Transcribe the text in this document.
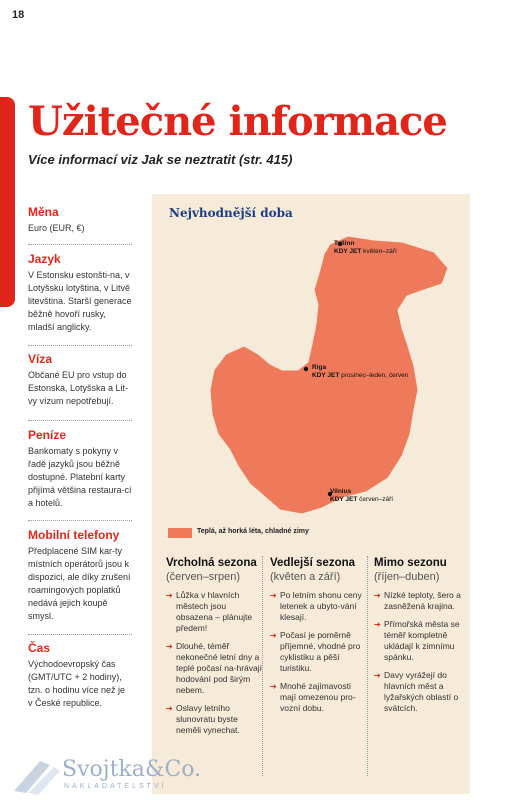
18
Užitečné informace
Více informací viz Jak se neztratit (str. 415)
Měna

Euro (EUR, €)

Jazyk

V Estonsku estonšti-na, v Lotyšsku lotyština, v Litvě litevština. Starší generace běžně hovoří rusky, mladší anglicky.

Víza

Občané EU pro vstup do Estonska, Lotyšska a Lit-vy vízum nepotřebují.

Peníze

Bankomaty s pokyny v řadě jazyků jsou běžně dostupné. Platební karty přijímá většina restaura-cí a hotelů.

Mobilní telefony

Předplacené SIM kar-ty místních operátorů jsou k dispozici, ale díky zrušení roamingových poplatků nedává jejich koupě smysl.

Čas

Východoevropský čas (GMT/UTC + 2 hodiny), tzn. o hodinu více než je v České republice.

Nejvhodnější doba
Tallinn
KDY JET květen–září
Riga
KDY JET prosinec–leden, červen
Vilnius
KDY JET červen–září
Teplá, až horká léta, chladné zimy
Vrcholná sezona
(červen–srpen)
➔ Lůžka v hlavních městech jsou obsazena – plánujte předem!
➔ Dlouhé, téměř nekonečné letní dny a teplé počasí na-hrávají hodování pod širým nebem.
➔ Oslavy letního slunovratu byste neměli vynechat.
Vedlejší sezona
(květen a září)
➔ Po letním shonu ceny letenek a ubyto-vání klesají.
➔ Počasí je poměrně příjemné, vhodné pro cyklistiku a pěší turistiku.
➔ Mnohé zajímavosti mají omezenou pro-vozní dobu.
Mimo sezonu
(říjen–duben)
➔ Nízké teploty, šero a zasněžená krajina.
➔ Přímořská města se téměř kompletně ukládají k zimnímu spánku.
➔ Davy vyrážejí do hlavních měst a lyžařských oblastí o svátcích.
Svojtka&Co.
NAKLADATELSTVÍ
